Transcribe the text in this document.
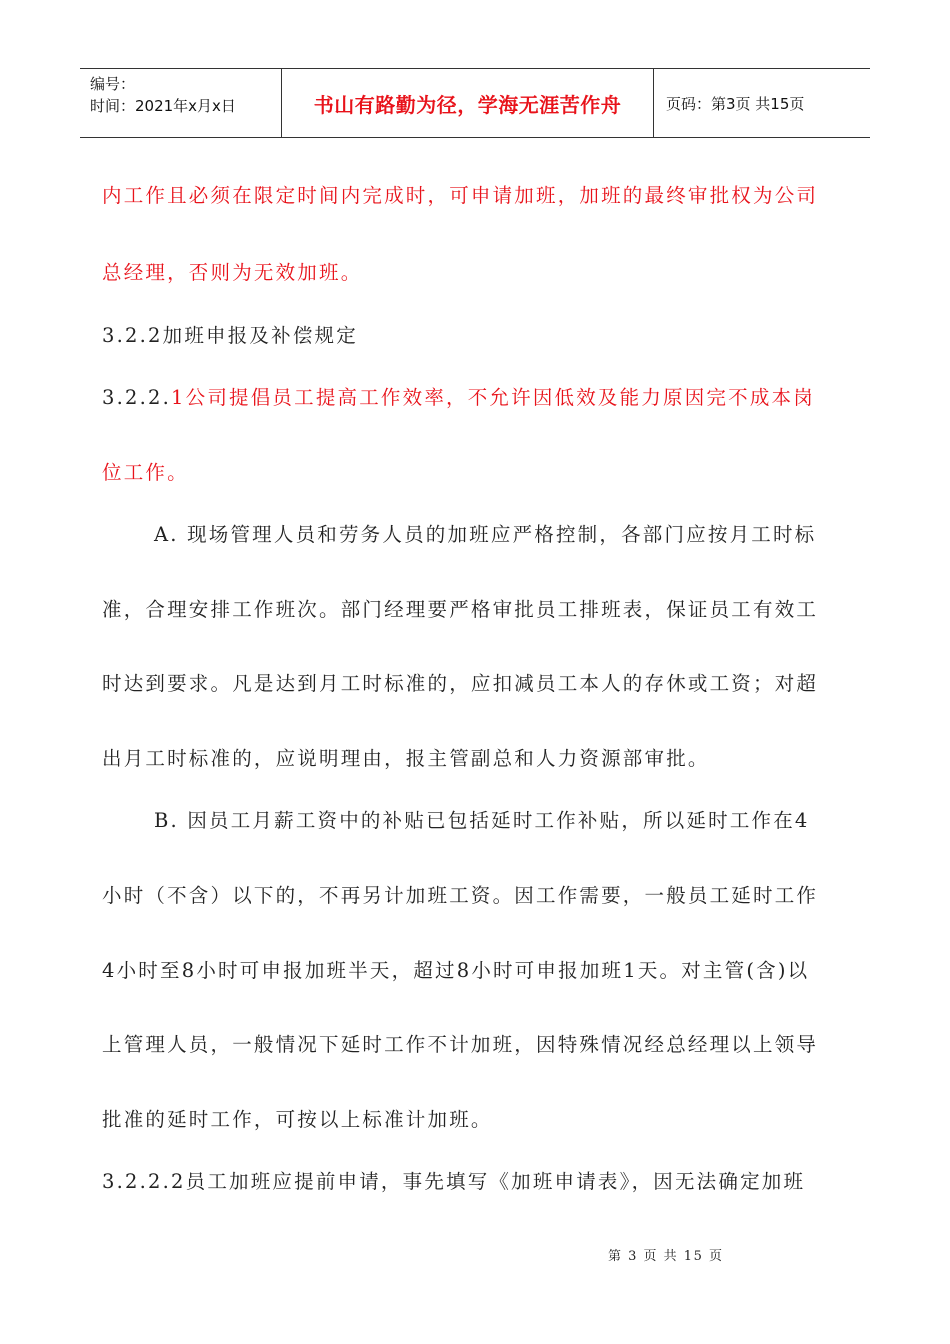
编号：
时间：2021年x月x日	书山有路勤为径，学海无涯苦作舟	页码：第3页 共15页
内工作且必须在限定时间内完成时，可申请加班，加班的最终审批权为公司
总经理，否则为无效加班。
3.2.2加班申报及补偿规定
3.2.2.1公司提倡员工提高工作效率，不允许因低效及能力原因完不成本岗
位工作。
A. 现场管理人员和劳务人员的加班应严格控制，各部门应按月工时标
准，合理安排工作班次。部门经理要严格审批员工排班表，保证员工有效工
时达到要求。凡是达到月工时标准的，应扣减员工本人的存休或工资；对超
出月工时标准的，应说明理由，报主管副总和人力资源部审批。
B. 因员工月薪工资中的补贴已包括延时工作补贴，所以延时工作在4
小时（不含）以下的，不再另计加班工资。因工作需要，一般员工延时工作
4小时至8小时可申报加班半天，超过8小时可申报加班1天。对主管(含)以
上管理人员，一般情况下延时工作不计加班，因特殊情况经总经理以上领导
批准的延时工作，可按以上标准计加班。
3.2.2.2员工加班应提前申请，事先填写《加班申请表》，因无法确定加班
第 3 页 共 15 页
